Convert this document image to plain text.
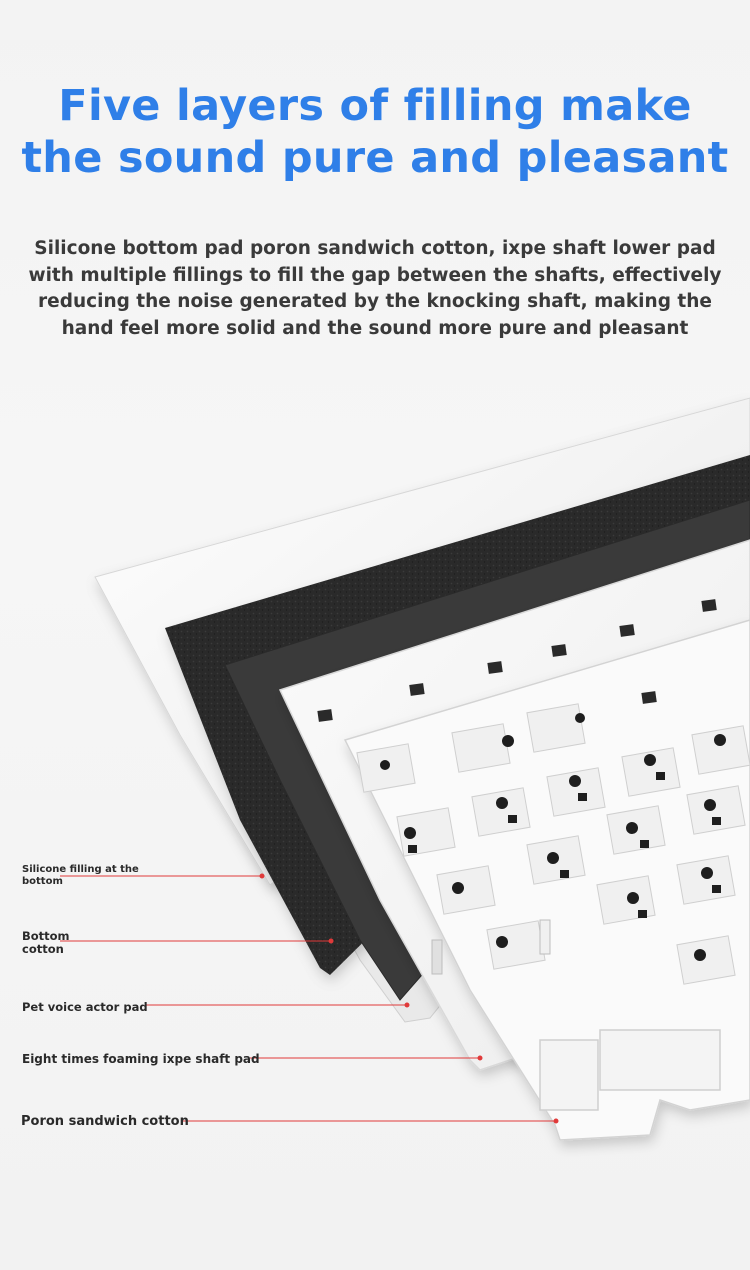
Five layers of filling make
the sound pure and pleasant

Silicone bottom pad poron sandwich cotton, ixpe shaft lower pad
with multiple fillings to fill the gap between the shafts, effectively
reducing the noise generated by the knocking shaft, making the
hand feel more solid and the sound more pure and pleasant

Silicone filling at the
bottom
Bottom
cotton
Pet voice actor pad
Eight times foaming ixpe shaft pad
Poron sandwich cotton
